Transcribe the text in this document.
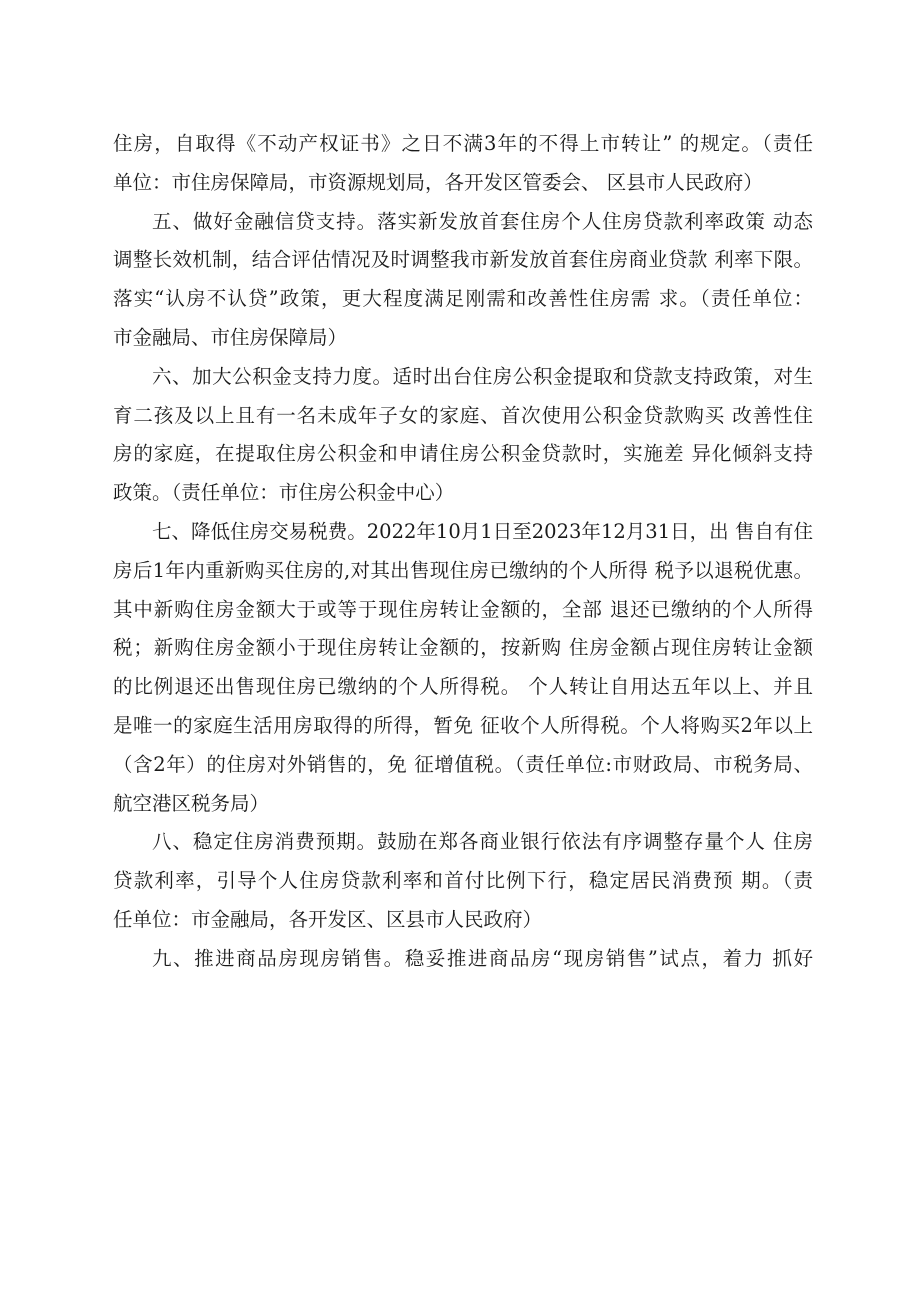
住房，自取得《不动产权证书》之日不满3年的不得上市转让” 的规定。（责任
单位：市住房保障局，市资源规划局，各开发区管委会、 区县市人民政府）
五、做好金融信贷支持。落实新发放首套住房个人住房贷款利率政策 动态
调整长效机制，结合评估情况及时调整我市新发放首套住房商业贷款 利率下限。
落实“认房不认贷”政策，更大程度满足刚需和改善性住房需 求。（责任单位：
市金融局、市住房保障局）
六、加大公积金支持力度。适时出台住房公积金提取和贷款支持政策，对生
育二孩及以上且有一名未成年子女的家庭、首次使用公积金贷款购买 改善性住
房的家庭，在提取住房公积金和申请住房公积金贷款时，实施差 异化倾斜支持
政策。（责任单位：市住房公积金中心）
七、降低住房交易税费。2022年10月1日至2023年12月31日，出 售自有住
房后1年内重新购买住房的,对其出售现住房已缴纳的个人所得 税予以退税优惠。
其中新购住房金额大于或等于现住房转让金额的，全部 退还已缴纳的个人所得
税；新购住房金额小于现住房转让金额的，按新购 住房金额占现住房转让金额
的比例退还出售现住房已缴纳的个人所得税。 个人转让自用达五年以上、并且
是唯一的家庭生活用房取得的所得，暂免 征收个人所得税。个人将购买2年以上
（含2年）的住房对外销售的，免 征增值税。（责任单位:市财政局、市税务局、
航空港区税务局）
八、稳定住房消费预期。鼓励在郑各商业银行依法有序调整存量个人 住房
贷款利率，引导个人住房贷款利率和首付比例下行，稳定居民消费预 期。（责
任单位：市金融局，各开发区、区县市人民政府）
九、推进商品房现房销售。稳妥推进商品房“现房销售”试点，着力 抓好
